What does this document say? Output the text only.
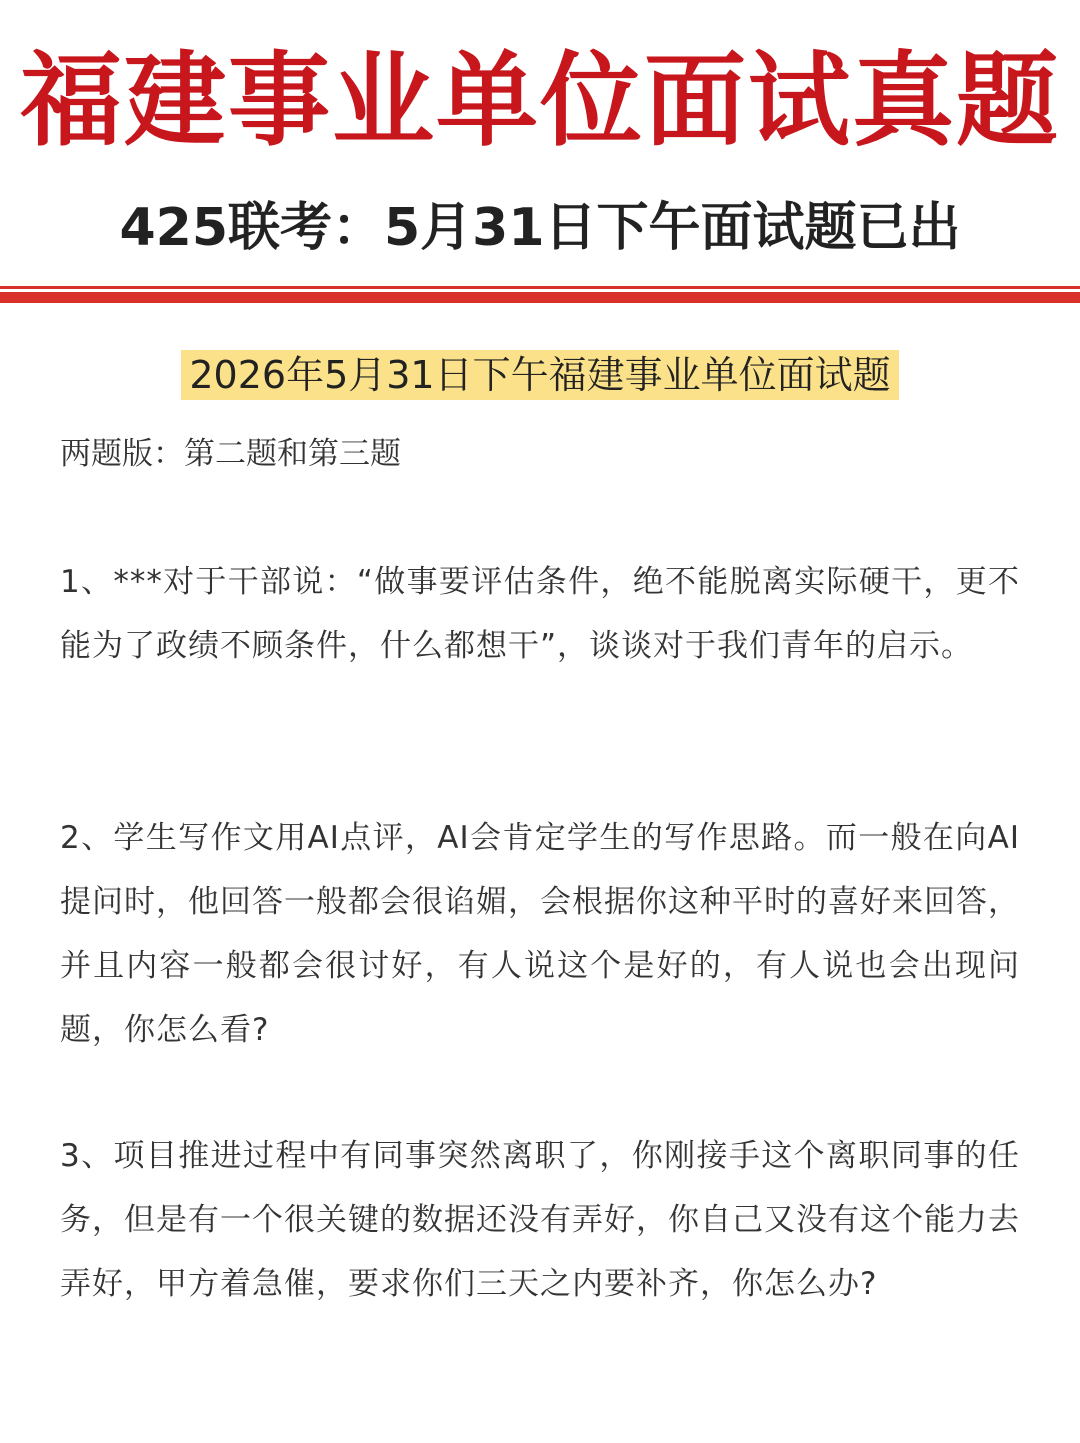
福建事业单位面试真题
425联考：5月31日下午面试题已出
2026年5月31日下午福建事业单位面试题
两题版：第二题和第三题

1、***对于干部说：“做事要评估条件，绝不能脱离实际硬干，更不能为了政绩不顾条件，什么都想干”，谈谈对于我们青年的启示。

2、学生写作文用AI点评，AI会肯定学生的写作思路。而一般在向AI提问时，他回答一般都会很谄媚，会根据你这种平时的喜好来回答，并且内容一般都会很讨好，有人说这个是好的，有人说也会出现问题，你怎么看?

3、项目推进过程中有同事突然离职了，你刚接手这个离职同事的任务，但是有一个很关键的数据还没有弄好，你自己又没有这个能力去弄好，甲方着急催，要求你们三天之内要补齐，你怎么办?
